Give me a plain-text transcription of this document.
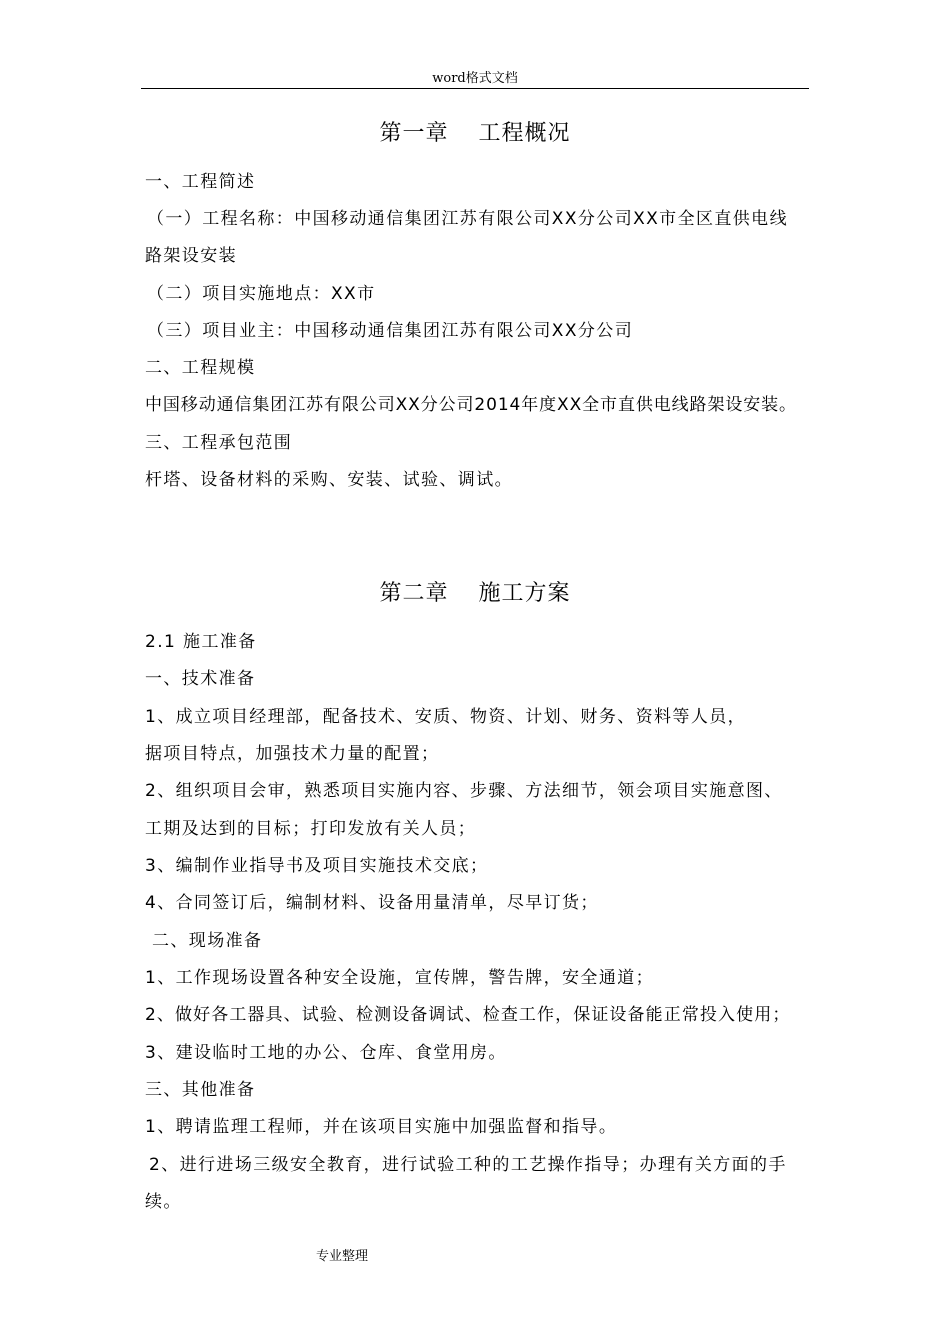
word格式文档
第一章 工程概况
一、工程简述
（一）工程名称：中国移动通信集团江苏有限公司XX分公司XX市全区直供电线
路架设安装
（二）项目实施地点：XX市
（三）项目业主：中国移动通信集团江苏有限公司XX分公司
二、工程规模
中国移动通信集团江苏有限公司XX分公司2014年度XX全市直供电线路架设安装。
三、工程承包范围
杆塔、设备材料的采购、安装、试验、调试。
第二章 施工方案
2.1 施工准备
一、技术准备
1、成立项目经理部，配备技术、安质、物资、计划、财务、资料等人员，
据项目特点，加强技术力量的配置；
2、组织项目会审，熟悉项目实施内容、步骤、方法细节，领会项目实施意图、
工期及达到的目标；打印发放有关人员；
3、编制作业指导书及项目实施技术交底；
4、合同签订后，编制材料、设备用量清单，尽早订货；
二、现场准备
1、工作现场设置各种安全设施，宣传牌，警告牌，安全通道；
2、做好各工器具、试验、检测设备调试、检查工作，保证设备能正常投入使用；
3、建设临时工地的办公、仓库、食堂用房。
三、其他准备
1、聘请监理工程师，并在该项目实施中加强监督和指导。
2、进行进场三级安全教育，进行试验工种的工艺操作指导；办理有关方面的手
续。
专业整理
